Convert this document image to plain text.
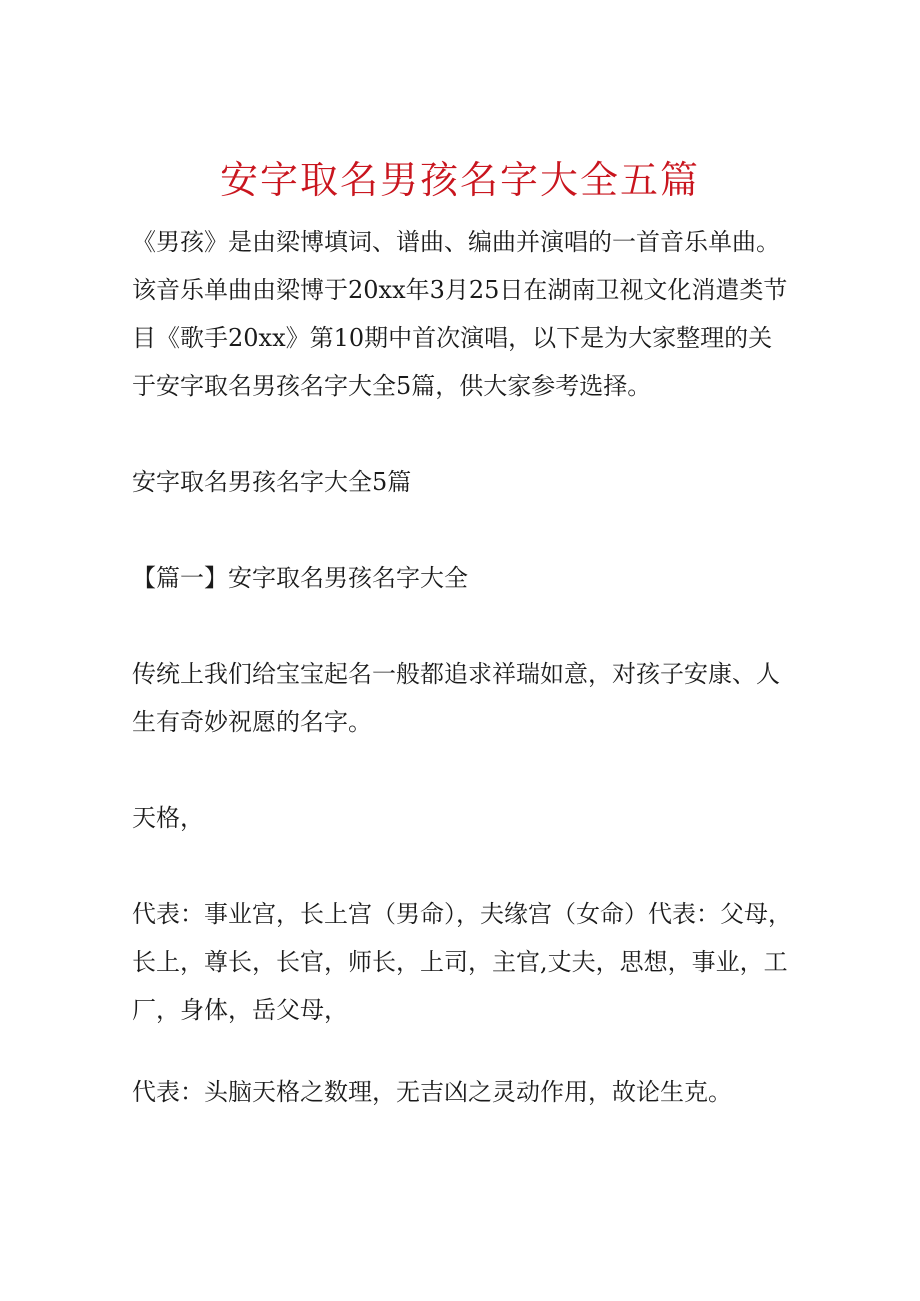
安字取名男孩名字大全五篇

《男孩》是由梁博填词、谱曲、编曲并演唱的一首音乐单曲。该音乐单曲由梁博于20xx年3月25日在湖南卫视文化消遣类节目《歌手20xx》第10期中首次演唱，以下是为大家整理的关于安字取名男孩名字大全5篇，供大家参考选择。

安字取名男孩名字大全5篇

【篇一】安字取名男孩名字大全

传统上我们给宝宝起名一般都追求祥瑞如意，对孩子安康、人生有奇妙祝愿的名字。

天格，

代表：事业宫，长上宫（男命），夫缘宫（女命）代表：父母，长上，尊长，长官，师长，上司，主官,丈夫，思想，事业，工厂，身体，岳父母，

代表：头脑天格之数理，无吉凶之灵动作用，故论生克。
